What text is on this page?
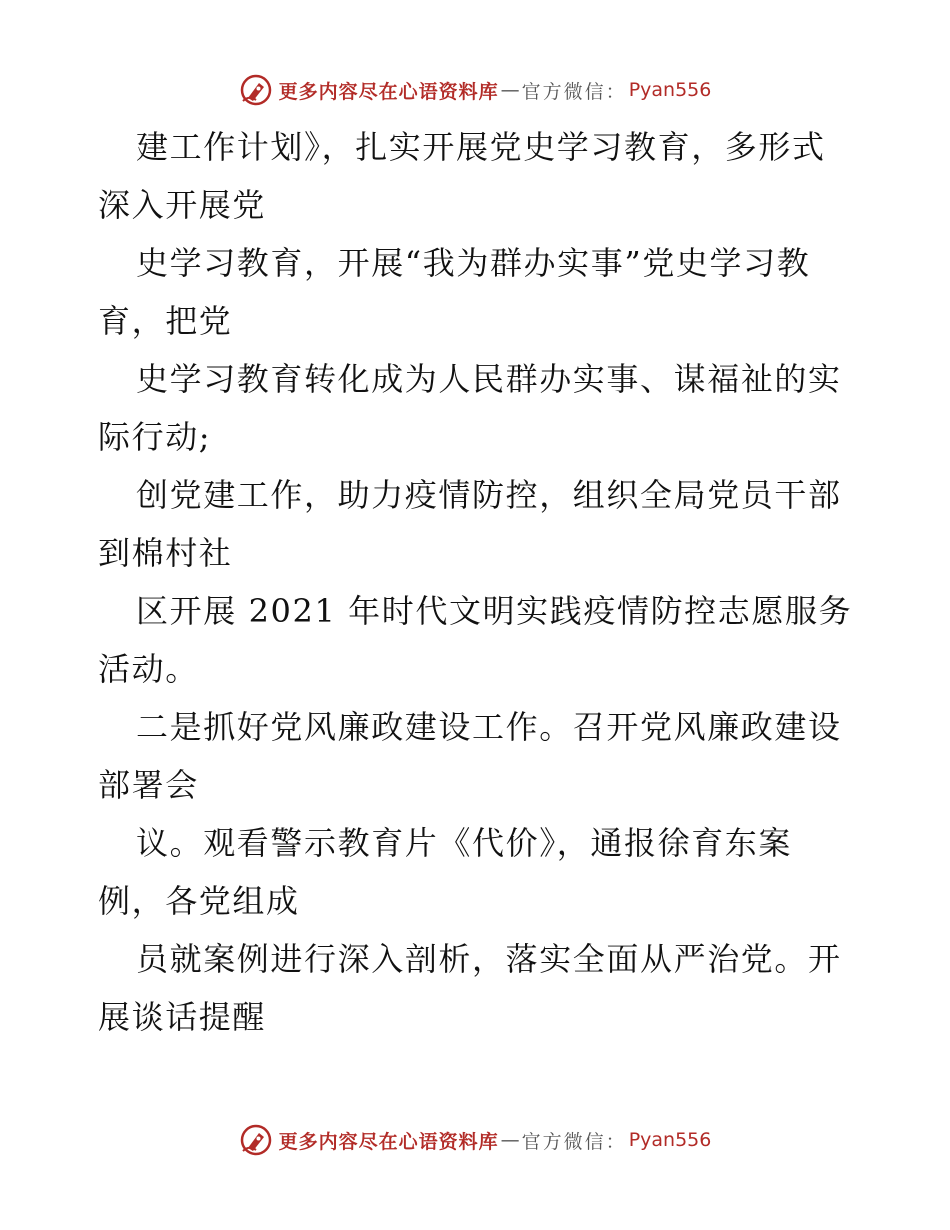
更多内容尽在心语资料库 — 官方微信： Pyan556

建工作计划》，扎实开展党史学习教育，多形式

深入开展党

史学习教育，开展“我为群办实事”党史学习教

育，把党

史学习教育转化成为人民群办实事、谋福祉的实

际行动;

创党建工作，助力疫情防控，组织全局党员干部

到棉村社

区开展 2021 年时代文明实践疫情防控志愿服务

活动。

二是抓好党风廉政建设工作。召开党风廉政建设

部署会

议。观看警示教育片《代价》，通报徐育东案

例，各党组成

员就案例进行深入剖析，落实全面从严治党。开

展谈话提醒

更多内容尽在心语资料库 — 官方微信： Pyan556
